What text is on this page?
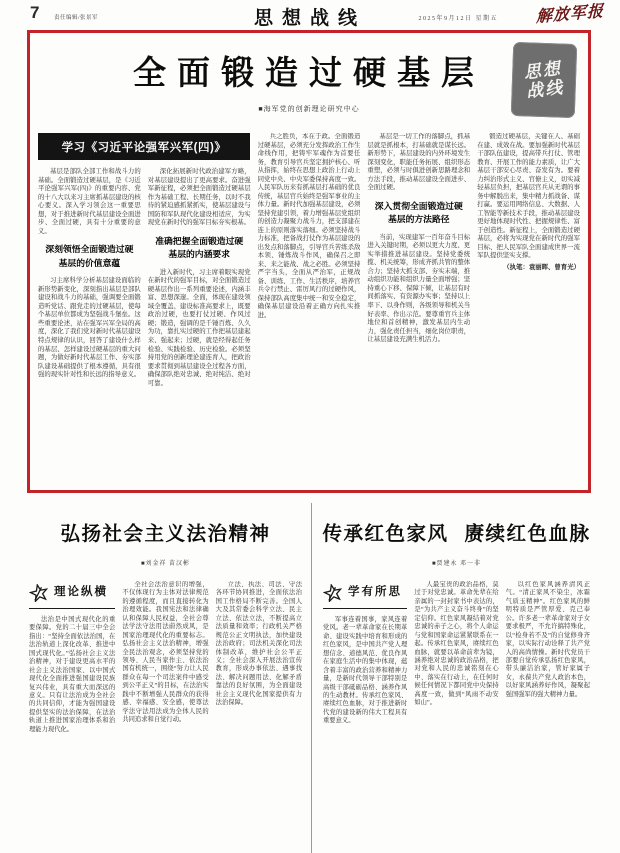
7	责任编辑/张景军	思想战线	2025年9月12日 星期五 解放军报
全面锻造过硬基层
■海军党的创新理论研究中心
思想
战线
学习《习近平论强军兴军(四)》

基层是部队全部工作和战斗力的基础。全面锻造过硬基层，是《习近平论强军兴军(四)》的重要内容、党的十八大以来习主席抓基层建设的核心要义。深入学习领会这一重要思想，对于推进新时代基层建设全面进步、全面过硬，具有十分重要的意义。

深刻领悟全面锻造过硬基层的价值意蕴

习主席科学分析基层建设面临的新形势新变化，深刻指出基层是部队建设和战斗力的基础，强调要全面锻造听党话、跟党走的过硬基层，使每个基层单位都成为坚强战斗堡垒。这些重要论述，站在强军兴军全局的高度，深化了我们党对新时代基层建设特点规律的认识，回答了建设什么样的基层、怎样建设过硬基层的重大问题，为做好新时代基层工作、夯实部队建设基础提供了根本遵循，具有很强的现实针对性和长远的指导意义。

深化拓展新时代政治建军方略，对基层建设提出了更高要求。奋进强军新征程，必须把全面锻造过硬基层作为基础工程、长期任务，以时不我待的紧迫感抓紧抓实，使基层建设与国防和军队现代化建设相适应，为实现党在新时代的强军目标夯实根基。

准确把握全面锻造过硬基层的内涵要求

进入新时代，习主席着眼实现党在新时代的强军目标，对全面锻造过硬基层作出一系列重要论述，内涵丰富、思想深邃。全面，体现在建设领域全覆盖、建设标准高要求上，既要政治过硬，也要打仗过硬、作风过硬；锻造，强调的是千锤百炼、久久为功，靠扎实过硬的工作把基层建起来、强起来；过硬，就是经得起任务检验、实践检验、历史检验。必须坚持用党的创新理论建连育人，把政治要求贯彻到基层建设全过程各方面，确保部队绝对忠诚、绝对纯洁、绝对可靠。

兵之胜负，本在于政。全面锻造过硬基层，必须充分发挥政治工作生命线作用，把铸牢军魂作为首要任务，教育引导官兵坚定拥护核心、听从指挥，始终在思想上政治上行动上同党中央、中央军委保持高度一致。人民军队历来有抓基层打基础的优良传统，基层官兵始终是强军事业的主体力量。新时代加强基层建设，必须坚持党建引领，着力增强基层党组织的创造力凝聚力战斗力，把支部建在连上的原则落实落细。必须坚持战斗力标准，把备战打仗作为基层建设的出发点和落脚点，引导官兵苦练杀敌本领、锤炼战斗作风，确保召之即来、来之能战、战之必胜。必须坚持严字当头，全面从严治军，正规战备、训练、工作、生活秩序，培养官兵令行禁止、雷厉风行的过硬作风，保持部队高度集中统一和安全稳定，确保基层建设沿着正确方向扎实推进。

基层是一切工作的落脚点，抓基层就是抓根本，打基础就是谋长远。新形势下，基层建设的内外环境发生深刻变化，职能任务拓展、组织形态重塑，必须与时俱进创新思路理念和方法手段，推动基层建设全面进步、全面过硬。

深入贯彻全面锻造过硬基层的方法路径

当前，实现建军一百年奋斗目标进入关键时期，必须以更大力度、更实举措推进基层建设。坚持党委统揽、机关统筹，形成齐抓共管的整体合力；坚持大抓支部、夯实末端，推动组织功能和组织力量全面增强；坚持重心下移、保障下倾，让基层有时间抓落实、有资源办实事；坚持以上率下、以身作则，各级领导和机关当好表率、作出示范。要尊重官兵主体地位和首创精神，激发基层内生动力，强化责任担当，细化岗位职责，让基层建设充满生机活力。

锻造过硬基层，关键在人、基础在建、成效在战。要加强新时代基层干部队伍建设，提高带兵打仗、管理教育、开展工作的能力素质，让广大基层干部安心尽责、奋发有为。要着力纠治形式主义、官僚主义，切实减轻基层负担，把基层官兵从无谓的事务中解脱出来，集中精力抓战备、谋打赢。要运用网络信息、大数据、人工智能等新技术手段，推动基层建设更好地体现时代性、把握规律性、富于创造性。新征程上，全面锻造过硬基层，必将为实现党在新时代的强军目标、把人民军队全面建成世界一流军队提供坚实支撑。

（执笔：袁丽晖、曾育光）
弘扬社会主义法治精神
■刘金祥 苗汉彬
理论纵横

法治是中国式现代化的重要保障。党的二十届三中全会指出：“坚持全面依法治国，在法治轨道上深化改革、推进中国式现代化。”弘扬社会主义法治精神，对于建设更高水平的社会主义法治国家、以中国式现代化全面推进强国建设民族复兴伟业，具有重大而深远的意义。只有让法治成为全社会的共同信仰，才能为强国建设提供坚实的法治保障，在法治轨道上推进国家治理体系和治理能力现代化。

全社会法治意识的增强，不仅体现行为主体对法律规范的遵循程度，而且直接转化为治理效能。我国宪法和法律确认和保障人民权益，全社会尊法学法守法用法蔚然成风，是国家治理现代化的重要标志。弘扬社会主义法治精神，增强全民法治观念，必须坚持党的领导、人民当家作主、依法治国有机统一，围绕“努力让人民群众在每一个司法案件中感受到公平正义”的目标，在法治实践中不断增强人民群众的获得感、幸福感、安全感，使尊法学法守法用法成为全体人民的共同追求和自觉行动。

立法、执法、司法、守法各环节协同推进，全面依法治国工作格局不断完善。全国人大及其常委会科学立法、民主立法、依法立法，不断提高立法质量和效率；行政机关严格规范公正文明执法，加快建设法治政府；司法机关深化司法体制改革，维护社会公平正义；全社会深入开展法治宣传教育，形成办事依法、遇事找法、解决问题用法、化解矛盾靠法的良好氛围，为全面建设社会主义现代化国家提供有力法治保障。

传承红色家风 赓续红色血脉
■贾建永 邓一非
学有所思

军事连着国事，家风连着党风。老一辈革命家在长期革命、建设实践中培育和形成的红色家风，是中国共产党人理想信念、道德风范、优良作风在家庭生活中的集中体现，蕴含着丰富的政治营养和精神力量，是新时代领导干部特别是高级干部砥砺品格、涵养作风的生动教材。传承红色家风、赓续红色血脉，对于推进新时代党的建设新的伟大工程具有重要意义。

人最宝贵的政治品格，莫过于对党忠诚。革命先辈在给亲属的一封封家书中表达的，是“为共产主义奋斗终身”的坚定信仰。红色家风凝结着对党忠诚的赤子之心，将个人命运与党和国家命运紧紧联系在一起。传承红色家风，赓续红色血脉，就要以革命前辈为镜，涵养绝对忠诚的政治品格，把对党和人民的忠诚铭刻在心中、落实在行动上，在任何时候任何情况下都同党中央保持高度一致，做到“风雨不动安如山”。

以红色家风涵养清风正气。“清正家风不染尘，冰霜气质玉精神”。红色家风的鲜明特质是严管厚爱、克己奉公。许多老一辈革命家对子女要求极严，不允许搞特殊化，以“检身若不及”的自觉修身齐家，以实际行动诠释了共产党人的高尚情操。新时代党员干部要自觉传承弘扬红色家风，带头廉洁治家，管好家属子女，永葆共产党人政治本色，以好家风涵养好作风，凝聚起强国强军的强大精神力量。
